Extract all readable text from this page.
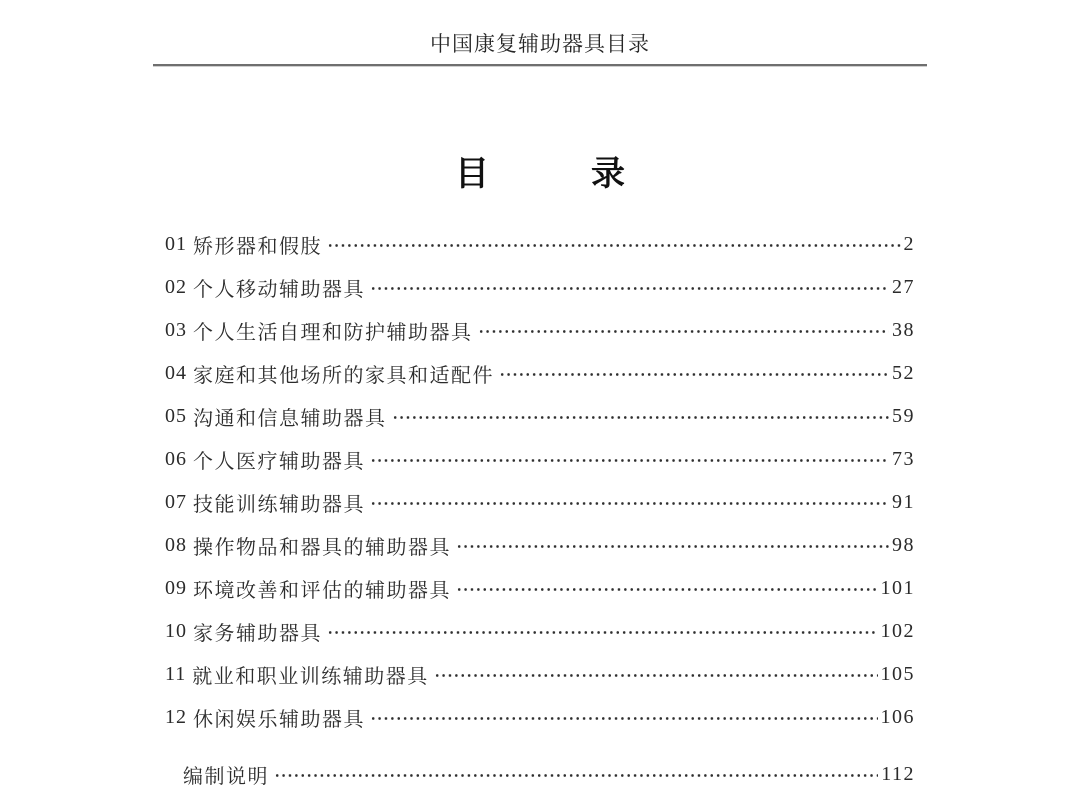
中国康复辅助器具目录
目　　　录
01 矫形器和假肢	2
02 个人移动辅助器具	27
03 个人生活自理和防护辅助器具	38
04 家庭和其他场所的家具和适配件	52
05 沟通和信息辅助器具	59
06 个人医疗辅助器具	73
07 技能训练辅助器具	91
08 操作物品和器具的辅助器具	98
09 环境改善和评估的辅助器具	101
10 家务辅助器具	102
11 就业和职业训练辅助器具	105
12 休闲娱乐辅助器具	106
编制说明	112
